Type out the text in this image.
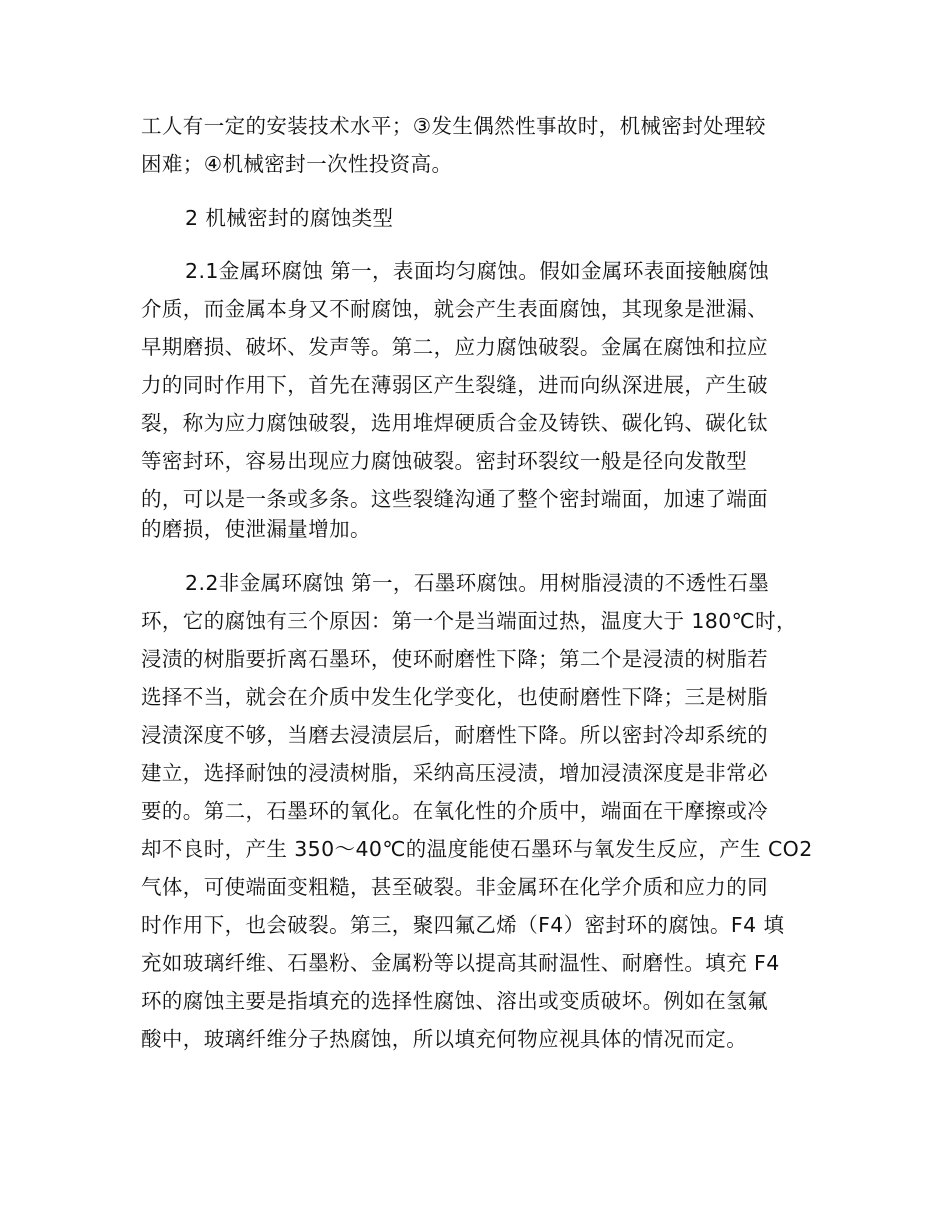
工人有一定的安装技术水平；③发生偶然性事故时，机械密封处理较
困难；④机械密封一次性投资高。
2 机械密封的腐蚀类型
2.1金属环腐蚀 第一，表面均匀腐蚀。假如金属环表面接触腐蚀
介质，而金属本身又不耐腐蚀，就会产生表面腐蚀，其现象是泄漏、
早期磨损、破坏、发声等。第二，应力腐蚀破裂。金属在腐蚀和拉应
力的同时作用下，首先在薄弱区产生裂缝，进而向纵深进展，产生破
裂，称为应力腐蚀破裂，选用堆焊硬质合金及铸铁、碳化钨、碳化钛
等密封环，容易出现应力腐蚀破裂。密封环裂纹一般是径向发散型
的，可以是一条或多条。这些裂缝沟通了整个密封端面，加速了端面
的磨损，使泄漏量增加。
2.2非金属环腐蚀 第一，石墨环腐蚀。用树脂浸渍的不透性石墨
环，它的腐蚀有三个原因：第一个是当端面过热，温度大于 180℃时，
浸渍的树脂要折离石墨环，使环耐磨性下降；第二个是浸渍的树脂若
选择不当，就会在介质中发生化学变化，也使耐磨性下降；三是树脂
浸渍深度不够，当磨去浸渍层后，耐磨性下降。所以密封冷却系统的
建立，选择耐蚀的浸渍树脂，采纳高压浸渍，增加浸渍深度是非常必
要的。第二，石墨环的氧化。在氧化性的介质中，端面在干摩擦或冷
却不良时，产生 350～40℃的温度能使石墨环与氧发生反应，产生 CO2
气体，可使端面变粗糙，甚至破裂。非金属环在化学介质和应力的同
时作用下，也会破裂。第三，聚四氟乙烯（F4）密封环的腐蚀。F4 填
充如玻璃纤维、石墨粉、金属粉等以提高其耐温性、耐磨性。填充 F4
环的腐蚀主要是指填充的选择性腐蚀、溶出或变质破坏。例如在氢氟
酸中，玻璃纤维分子热腐蚀，所以填充何物应视具体的情况而定。
